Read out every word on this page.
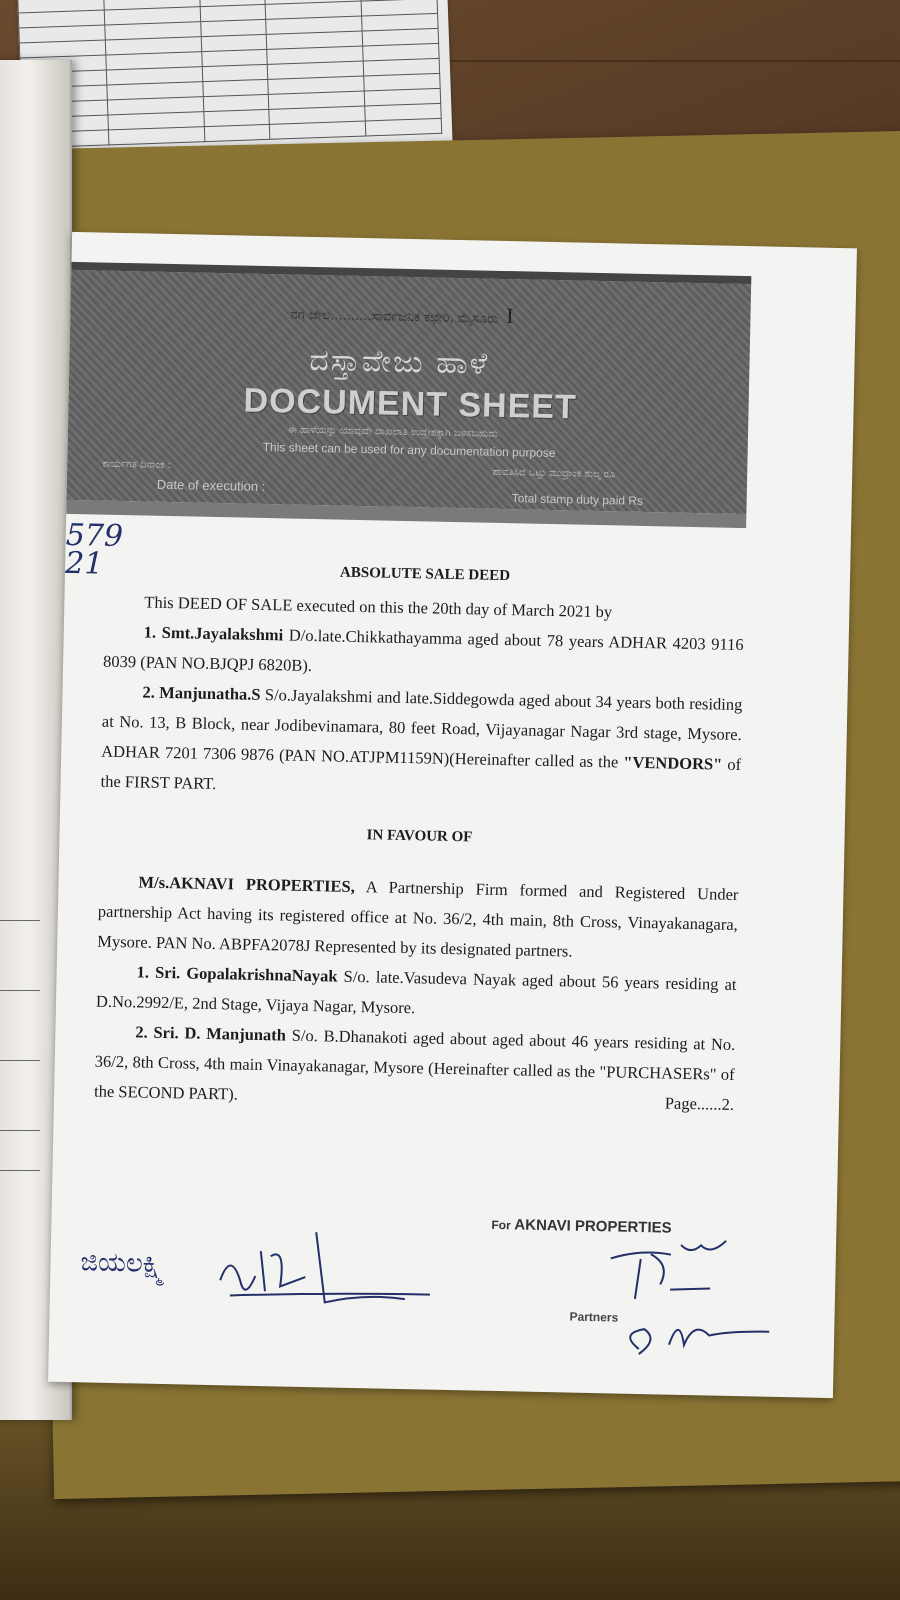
ನಗ ಜೇಲ..........ಸಾರ್ವಜನಿಕ ಕಛೇರಿ, ಮೈಸೂರು I
ದಸ್ತಾವೇಜು ಹಾಳೆ
DOCUMENT SHEET
ಈ ಹಾಳೆಯನ್ನು ಯಾವುದೇ ದಾಖಲಾತಿ ಉದ್ದೇಶಕ್ಕಾಗಿ ಬಳಸಬಹುದು
This sheet can be used for any documentation purpose
ಕಾರ್ಯಗತ ದಿನಾಂಕ :
ಪಾವತಿಸಿದ ಒಟ್ಟು ಮುದ್ರಾಂಕ ಶುಲ್ಕ ರೂ
Date of execution :
Total stamp duty paid Rs
579
21	ABSOLUTE SALE DEED

This DEED OF SALE executed on this the 20th day of March 2021 by

1. Smt.Jayalakshmi D/o.late.Chikkathayamma aged about 78 years ADHAR 4203 9116 8039 (PAN NO.BJQPJ 6820B).

2. Manjunatha.S S/o.Jayalakshmi and late.Siddegowda aged about 34 years both residing at No. 13, B Block, near Jodibevinamara, 80 feet Road, Vijayanagar Nagar 3rd stage, Mysore. ADHAR 7201 7306 9876 (PAN NO.ATJPM1159N)(Hereinafter called as the "VENDORS" of the FIRST PART.

IN FAVOUR OF

M/s.AKNAVI PROPERTIES, A Partnership Firm formed and Registered Under partnership Act having its registered office at No. 36/2, 4th main, 8th Cross, Vinayakanagara, Mysore. PAN No. ABPFA2078J Represented by its designated partners.

1. Sri. GopalakrishnaNayak S/o. late.Vasudeva Nayak aged about 56 years residing at D.No.2992/E, 2nd Stage, Vijaya Nagar, Mysore.

2. Sri. D. Manjunath S/o. B.Dhanakoti aged about aged about 46 years residing at No. 36/2, 8th Cross, 4th main Vinayakanagar, Mysore (Hereinafter called as the "PURCHASERs" of the SECOND PART).
Page......2.

For AKNAVI PROPERTIES
ಜಿಯಲಕ್ಷ್ಮಿ
Partners
